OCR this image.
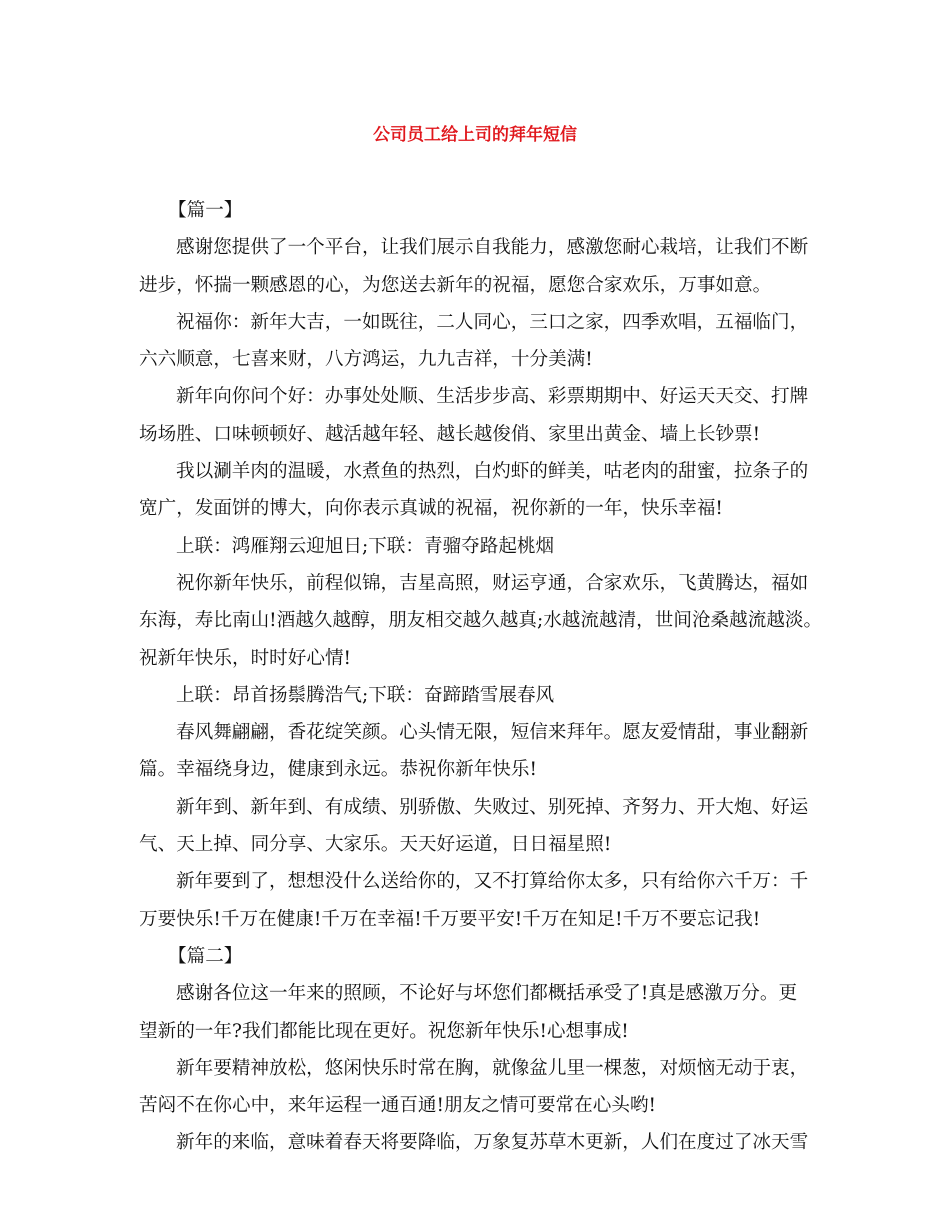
公司员工给上司的拜年短信
【篇一】
感谢您提供了一个平台，让我们展示自我能力，感激您耐心栽培，让我们不断
进步，怀揣一颗感恩的心，为您送去新年的祝福，愿您合家欢乐，万事如意。
祝福你：新年大吉，一如既往，二人同心，三口之家，四季欢唱，五福临门，
六六顺意，七喜来财，八方鸿运，九九吉祥，十分美满!
新年向你问个好：办事处处顺、生活步步高、彩票期期中、好运天天交、打牌
场场胜、口味顿顿好、越活越年轻、越长越俊俏、家里出黄金、墙上长钞票!
我以涮羊肉的温暖，水煮鱼的热烈，白灼虾的鲜美，咕老肉的甜蜜，拉条子的
宽广，发面饼的博大，向你表示真诚的祝福，祝你新的一年，快乐幸福!
上联：鸿雁翔云迎旭日;下联：青骝夺路起桃烟
祝你新年快乐，前程似锦，吉星高照，财运亨通，合家欢乐，飞黄腾达，福如
东海，寿比南山!酒越久越醇，朋友相交越久越真;水越流越清，世间沧桑越流越淡。
祝新年快乐，时时好心情!
上联：昂首扬鬃腾浩气;下联：奋蹄踏雪展春风
春风舞翩翩，香花绽笑颜。心头情无限，短信来拜年。愿友爱情甜，事业翻新
篇。幸福绕身边，健康到永远。恭祝你新年快乐!
新年到、新年到、有成绩、别骄傲、失败过、别死掉、齐努力、开大炮、好运
气、天上掉、同分享、大家乐。天天好运道，日日福星照!
新年要到了，想想没什么送给你的，又不打算给你太多，只有给你六千万：千
万要快乐!千万在健康!千万在幸福!千万要平安!千万在知足!千万不要忘记我!
【篇二】
感谢各位这一年来的照顾，不论好与坏您们都概括承受了!真是感激万分。更
望新的一年?我们都能比现在更好。祝您新年快乐!心想事成!
新年要精神放松，悠闲快乐时常在胸，就像盆儿里一棵葱，对烦恼无动于衷，
苦闷不在你心中，来年运程一通百通!朋友之情可要常在心头哟!
新年的来临，意味着春天将要降临，万象复苏草木更新，人们在度过了冰天雪
